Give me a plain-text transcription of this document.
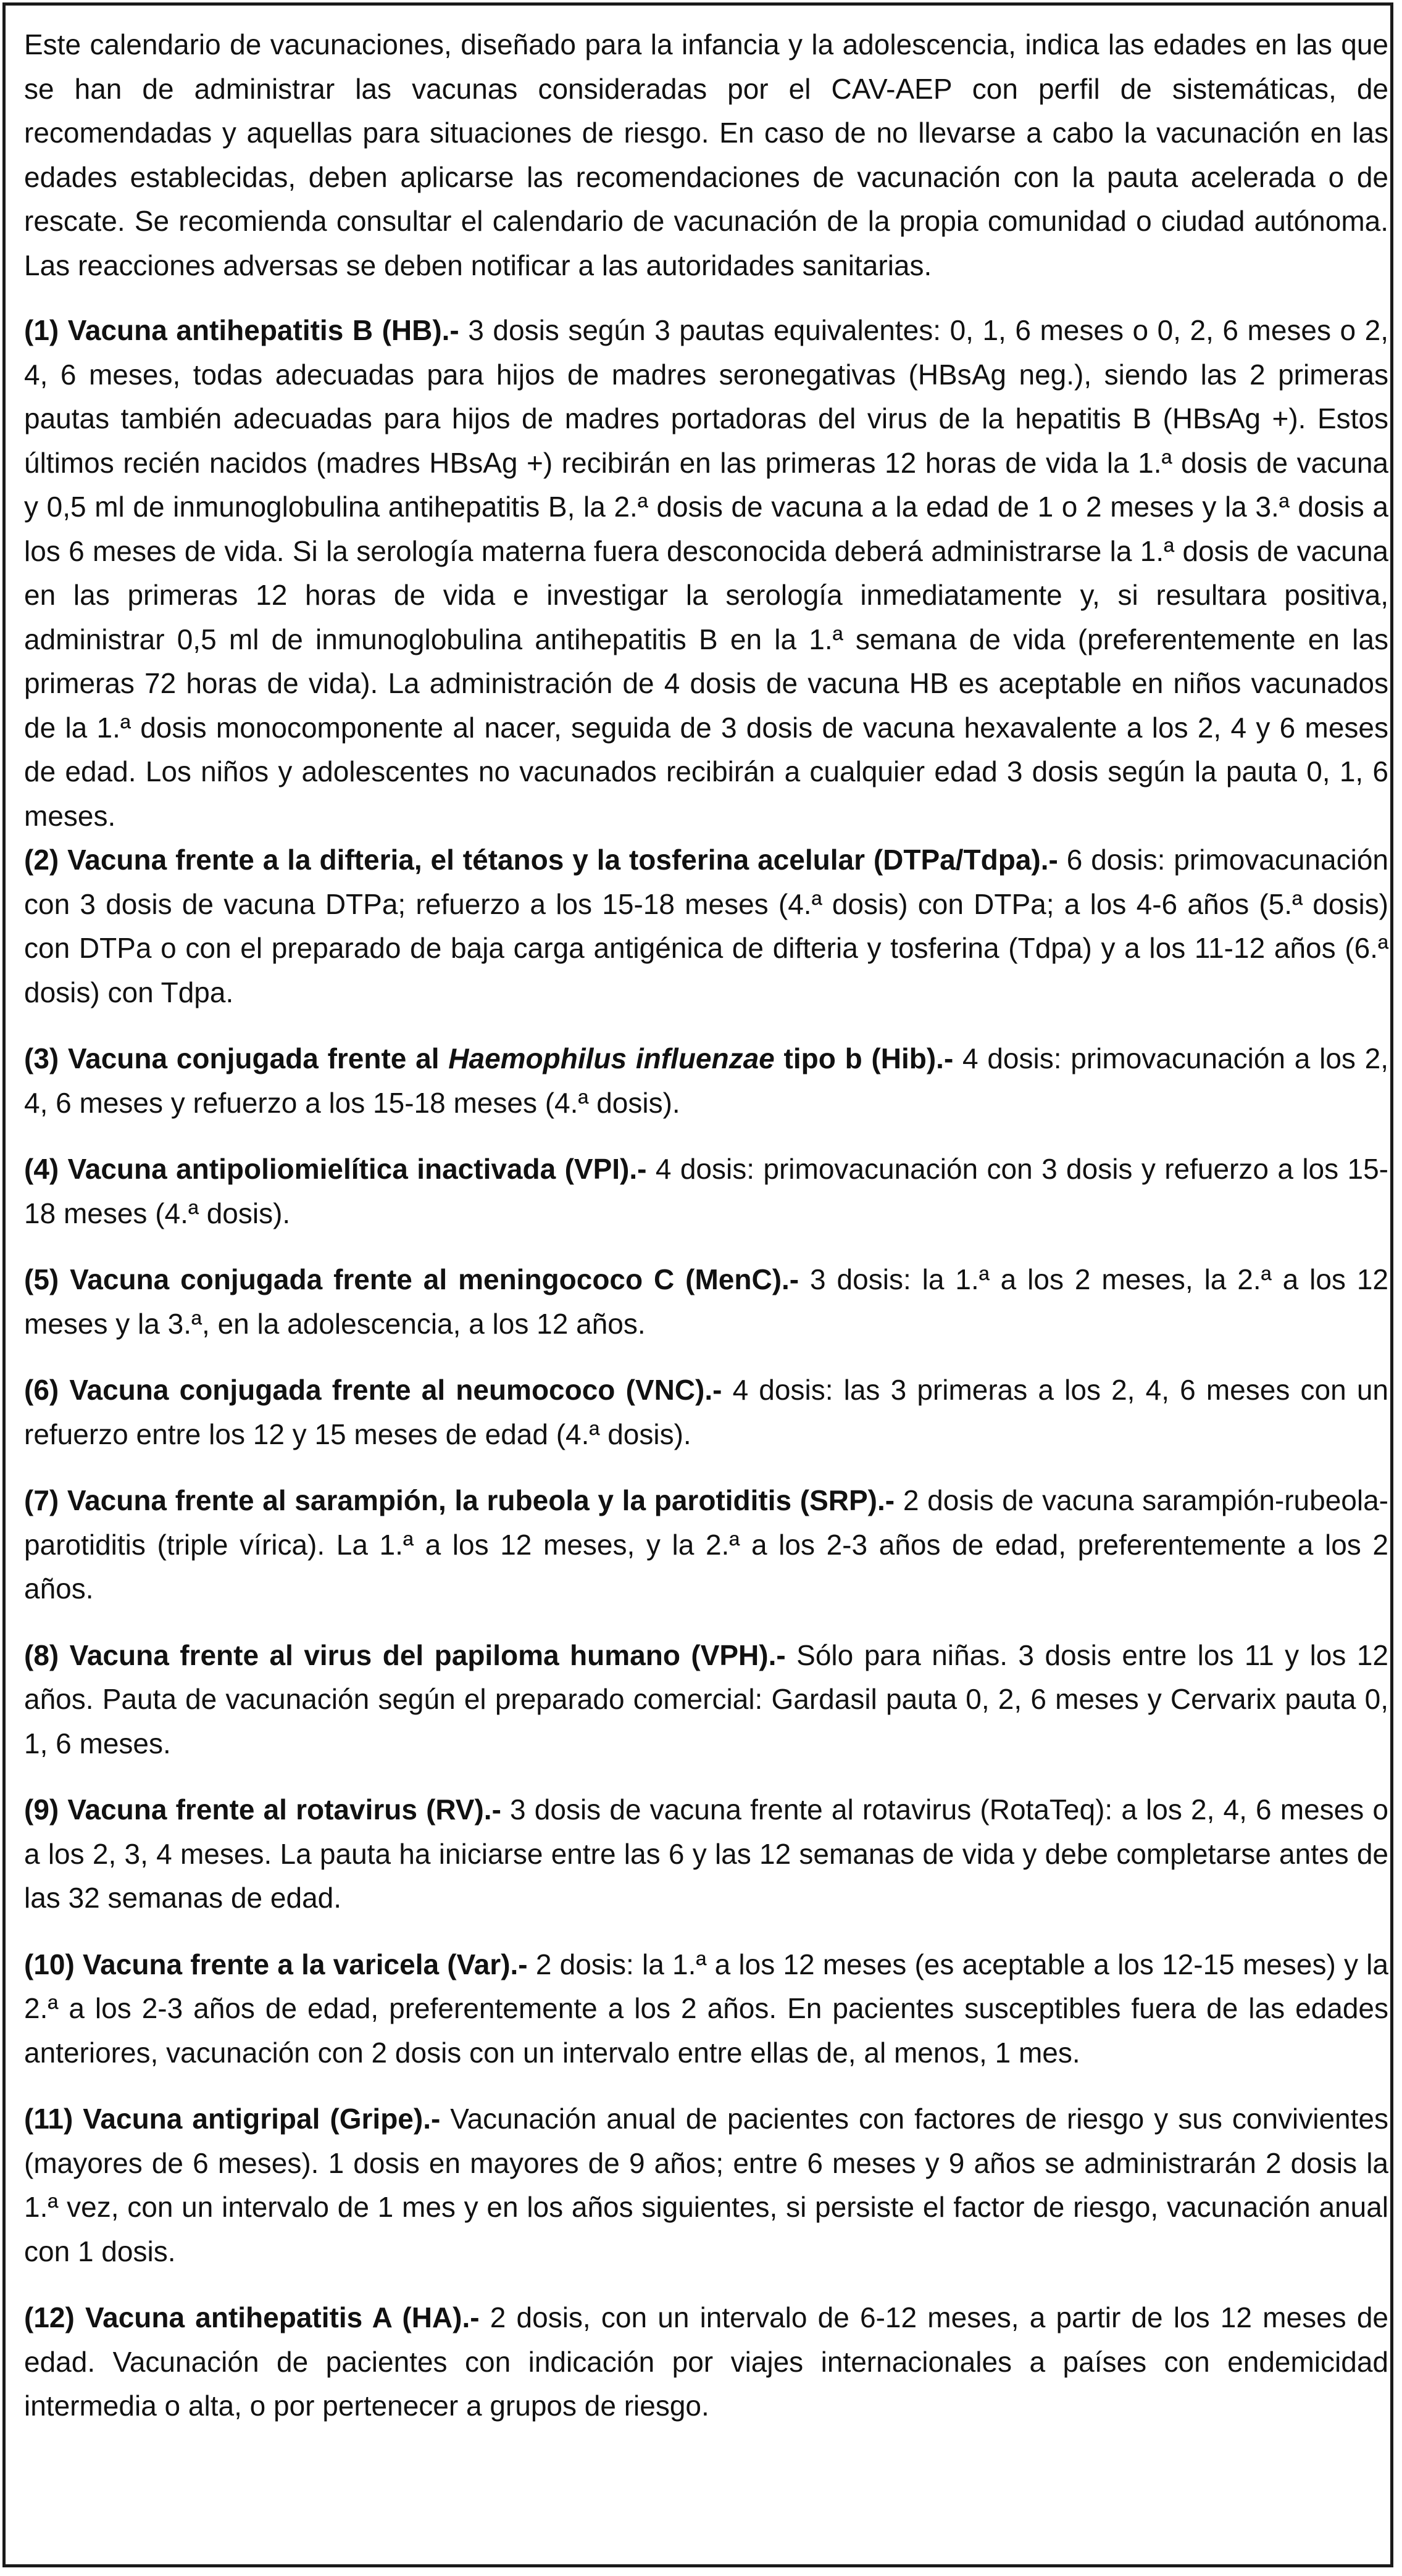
Este calendario de vacunaciones, diseñado para la infancia y la adolescencia, indica las edades en las que se han de administrar las vacunas consideradas por el CAV-AEP con perfil de sistemáticas, de recomendadas y aquellas para situaciones de riesgo. En caso de no llevarse a cabo la vacunación en las edades establecidas, deben aplicarse las recomendaciones de vacunación con la pauta acelerada o de rescate. Se recomienda consultar el calendario de vacunación de la propia comunidad o ciudad autónoma. Las reacciones adversas se deben notificar a las autoridades sanitarias.

(1) Vacuna antihepatitis B (HB).- 3 dosis según 3 pautas equivalentes: 0, 1, 6 meses o 0, 2, 6 meses o 2, 4, 6 meses, todas adecuadas para hijos de madres seronegativas (HBsAg neg.), siendo las 2 primeras pautas también adecuadas para hijos de madres portadoras del virus de la hepatitis B (HBsAg +). Estos últimos recién nacidos (madres HBsAg +) recibirán en las primeras 12 horas de vida la 1.ª dosis de vacuna y 0,5 ml de inmunoglobulina antihepatitis B, la 2.ª dosis de vacuna a la edad de 1 o 2 meses y la 3.ª dosis a los 6 meses de vida. Si la serología materna fuera desconocida deberá administrarse la 1.ª dosis de vacuna en las primeras 12 horas de vida e investigar la serología inmediatamente y, si resultara positiva, administrar 0,5 ml de inmunoglobulina antihepatitis B en la 1.ª semana de vida (preferentemente en las primeras 72 horas de vida). La administración de 4 dosis de vacuna HB es aceptable en niños vacunados de la 1.ª dosis monocomponente al nacer, seguida de 3 dosis de vacuna hexavalente a los 2, 4 y 6 meses de edad. Los niños y adolescentes no vacunados recibirán a cualquier edad 3 dosis según la pauta 0, 1, 6 meses.

(2) Vacuna frente a la difteria, el tétanos y la tosferina acelular (DTPa/Tdpa).- 6 dosis: primovacunación con 3 dosis de vacuna DTPa; refuerzo a los 15-18 meses (4.ª dosis) con DTPa; a los 4-6 años (5.ª dosis) con DTPa o con el preparado de baja carga antigénica de difteria y tosferina (Tdpa) y a los 11-12 años (6.ª dosis) con Tdpa.

(3) Vacuna conjugada frente al Haemophilus influenzae tipo b (Hib).- 4 dosis: primovacunación a los 2, 4, 6 meses y refuerzo a los 15-18 meses (4.ª dosis).

(4) Vacuna antipoliomielítica inactivada (VPI).- 4 dosis: primovacunación con 3 dosis y refuerzo a los 15-18 meses (4.ª dosis).

(5) Vacuna conjugada frente al meningococo C (MenC).- 3 dosis: la 1.ª a los 2 meses, la 2.ª a los 12 meses y la 3.ª, en la adolescencia, a los 12 años.

(6) Vacuna conjugada frente al neumococo (VNC).- 4 dosis: las 3 primeras a los 2, 4, 6 meses con un refuerzo entre los 12 y 15 meses de edad (4.ª dosis).

(7) Vacuna frente al sarampión, la rubeola y la parotiditis (SRP).- 2 dosis de vacuna sarampión-rubeola-parotiditis (triple vírica). La 1.ª a los 12 meses, y la 2.ª a los 2-3 años de edad, preferentemente a los 2 años.

(8) Vacuna frente al virus del papiloma humano (VPH).- Sólo para niñas. 3 dosis entre los 11 y los 12 años. Pauta de vacunación según el preparado comercial: Gardasil pauta 0, 2, 6 meses y Cervarix pauta 0, 1, 6 meses.

(9) Vacuna frente al rotavirus (RV).- 3 dosis de vacuna frente al rotavirus (RotaTeq): a los 2, 4, 6 meses o a los 2, 3, 4 meses. La pauta ha iniciarse entre las 6 y las 12 semanas de vida y debe completarse antes de las 32 semanas de edad.

(10) Vacuna frente a la varicela (Var).- 2 dosis: la 1.ª a los 12 meses (es aceptable a los 12-15 meses) y la 2.ª a los 2-3 años de edad, preferentemente a los 2 años. En pacientes susceptibles fuera de las edades anteriores, vacunación con 2 dosis con un intervalo entre ellas de, al menos, 1 mes.

(11) Vacuna antigripal (Gripe).- Vacunación anual de pacientes con factores de riesgo y sus convivientes (mayores de 6 meses). 1 dosis en mayores de 9 años; entre 6 meses y 9 años se administrarán 2 dosis la 1.ª vez, con un intervalo de 1 mes y en los años siguientes, si persiste el factor de riesgo, vacunación anual con 1 dosis.

(12) Vacuna antihepatitis A (HA).- 2 dosis, con un intervalo de 6-12 meses, a partir de los 12 meses de edad. Vacunación de pacientes con indicación por viajes internacionales a países con endemicidad intermedia o alta, o por pertenecer a grupos de riesgo.
